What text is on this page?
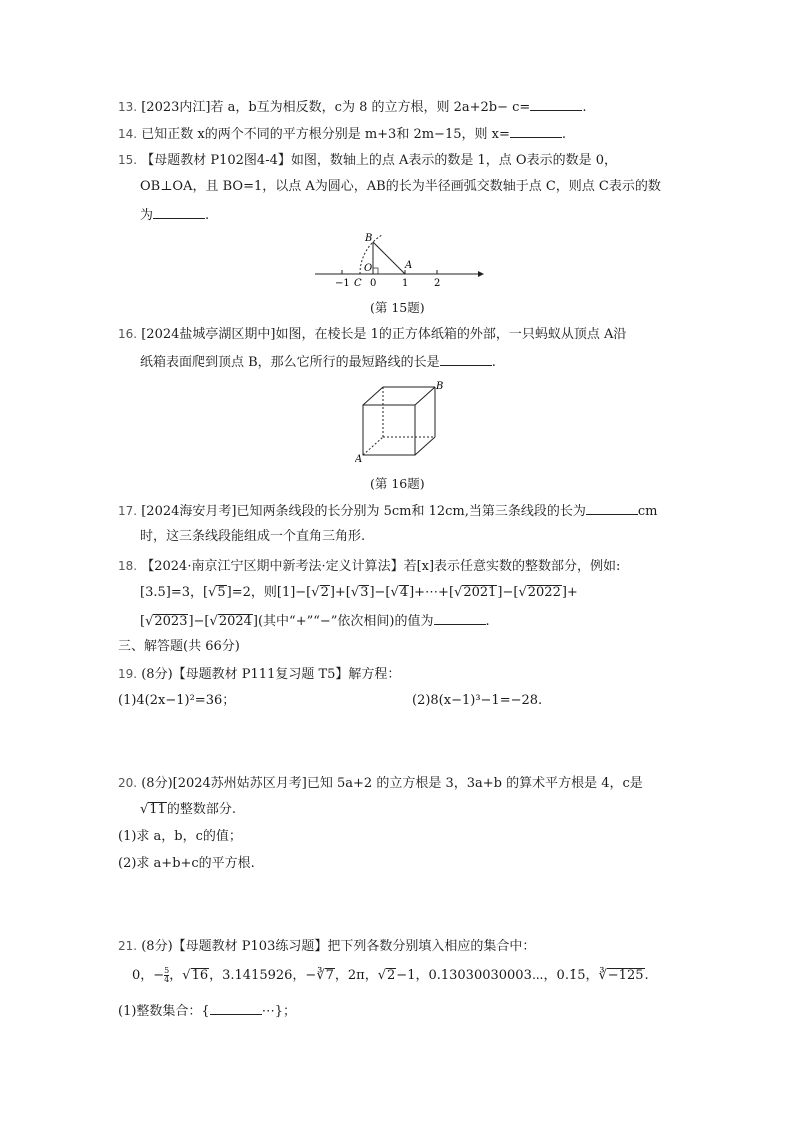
13. [2023内江]若 a，b互为相反数，c为 8 的立方根，则 2a+2b− c=	.
14. 已知正数 x的两个不同的平方根分别是 m+3和 2m−15，则 x=	.
15. 【母题教材 P102图4-4】如图，数轴上的点 A表示的数是 1，点 O表示的数是 0，
OB⊥OA，且 BO=1，以点 A为圆心，AB的长为半径画弧交数轴于点 C，则点 C表示的数
为	.
B
O
C
A
−1 0	1	2
(第 15题)
16. [2024盐城亭湖区期中]如图，在棱长是 1的正方体纸箱的外部，一只蚂蚁从顶点 A沿
纸箱表面爬到顶点 B，那么它所行的最短路线的长是	.
A
B
(第 16题)
17. [2024海安月考]已知两条线段的长分别为 5cm和 12cm,当第三条线段的长为	cm
时，这三条线段能组成一个直角三角形.
18. 【2024·南京江宁区期中新考法·定义计算法】若[x]表示任意实数的整数部分，例如:
[3.5]=3，[√5]=2，则[1]−[√2]+[√3]−[√4]+⋯+[√2021]−[√2022]+
[√2023]−[√2024](其中“+”“−”依次相间)的值为	.
三、解答题(共 66分)
19. (8分)【母题教材 P111复习题 T5】解方程：
(1)4(2x−1)²=36；	(2)8(x−1)³−1=−28.
20. (8分)[2024苏州姑苏区月考]已知 5a+2 的立方根是 3，3a+b 的算术平方根是 4，c是
√11的整数部分.
(1)求 a，b，c的值；
(2)求 a+b+c的平方根.
21. (8分)【母题教材 P103练习题】把下列各数分别填入相应的集合中：
0，− $\frac{5}{4}$ ，√16，3.1415926，−∛7，2π，√2−1，0.13030030003⋯，0.1̇5̇，∛−125.
(1)整数集合：{	⋯}；
